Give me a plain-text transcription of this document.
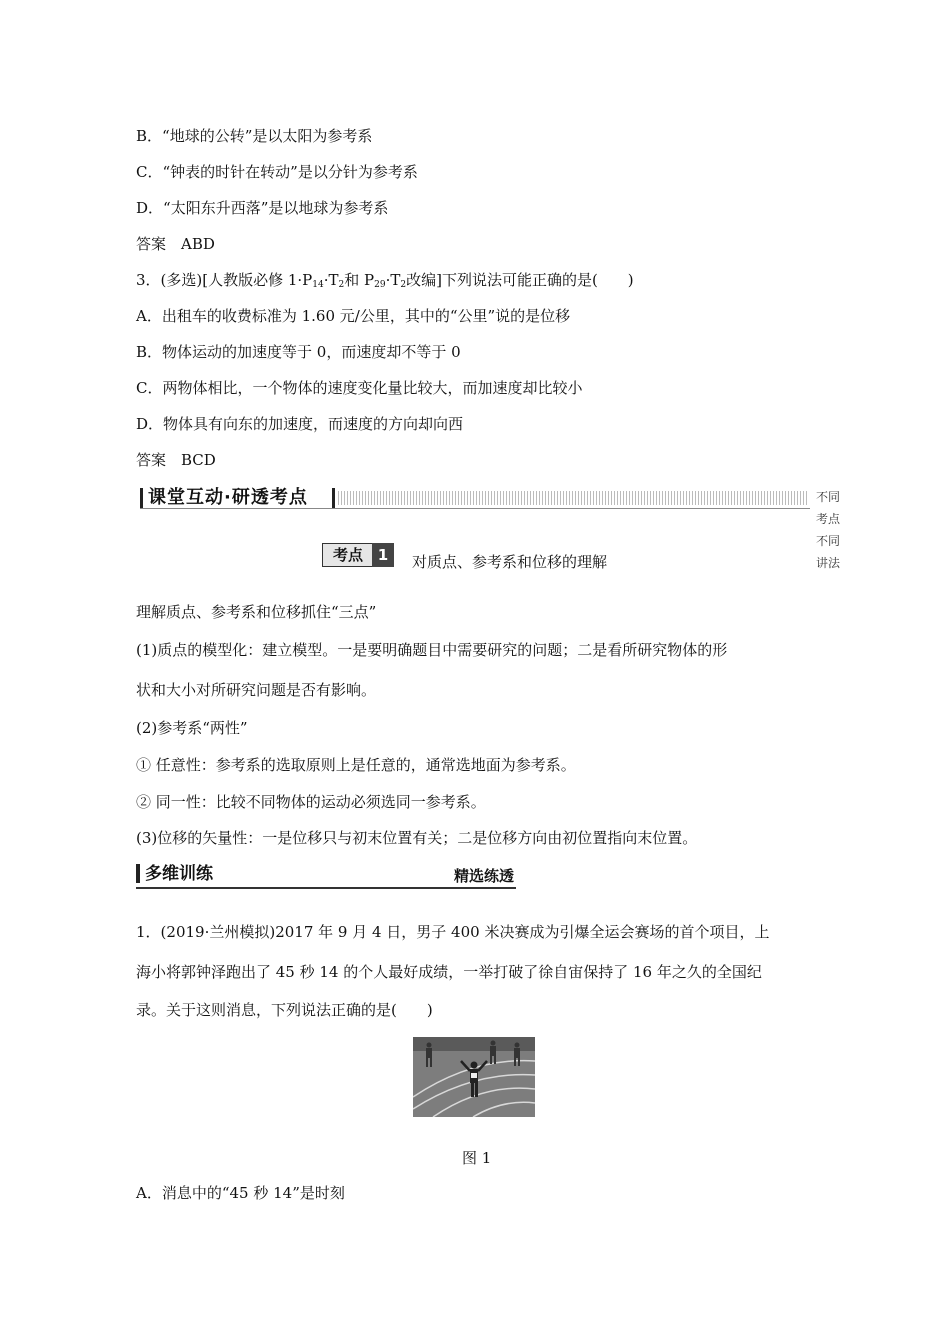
B．“地球的公转”是以太阳为参考系
C．“钟表的时针在转动”是以分针为参考系
D．“太阳东升西落”是以地球为参考系
答案　ABD
3．(多选)[人教版必修 $1\cdot P_{14}\cdot T_2$和 $P_{29}\cdot T_2$改编]下列说法可能正确的是(　　)
A．出租车的收费标准为 1.60 元/公里，其中的“公里”说的是位移
B．物体运动的加速度等于 0，而速度却不等于 0
C．两物体相比，一个物体的速度变化量比较大，而加速度却比较小
D．物体具有向东的加速度，而速度的方向却向西
答案　BCD
课堂互动·研透考点	不同考点　不同讲法
考点 1	对质点、参考系和位移的理解
理解质点、参考系和位移抓住“三点”
(1)质点的模型化：建立模型。一是要明确题目中需要研究的问题；二是看所研究物体的形
状和大小对所研究问题是否有影响。
(2)参考系“两性”
① 任意性：参考系的选取原则上是任意的，通常选地面为参考系。
② 同一性：比较不同物体的运动必须选同一参考系。
(3)位移的矢量性：一是位移只与初末位置有关；二是位移方向由初位置指向末位置。
多维训练	精选练透
1．(2019·兰州模拟)2017 年 9 月 4 日，男子 400 米决赛成为引爆全运会赛场的首个项目，上
海小将郭钟泽跑出了 45 秒 14 的个人最好成绩，一举打破了徐自宙保持了 16 年之久的全国纪
录。关于这则消息，下列说法正确的是(　　)
图 1
A．消息中的“45 秒 14”是时刻
